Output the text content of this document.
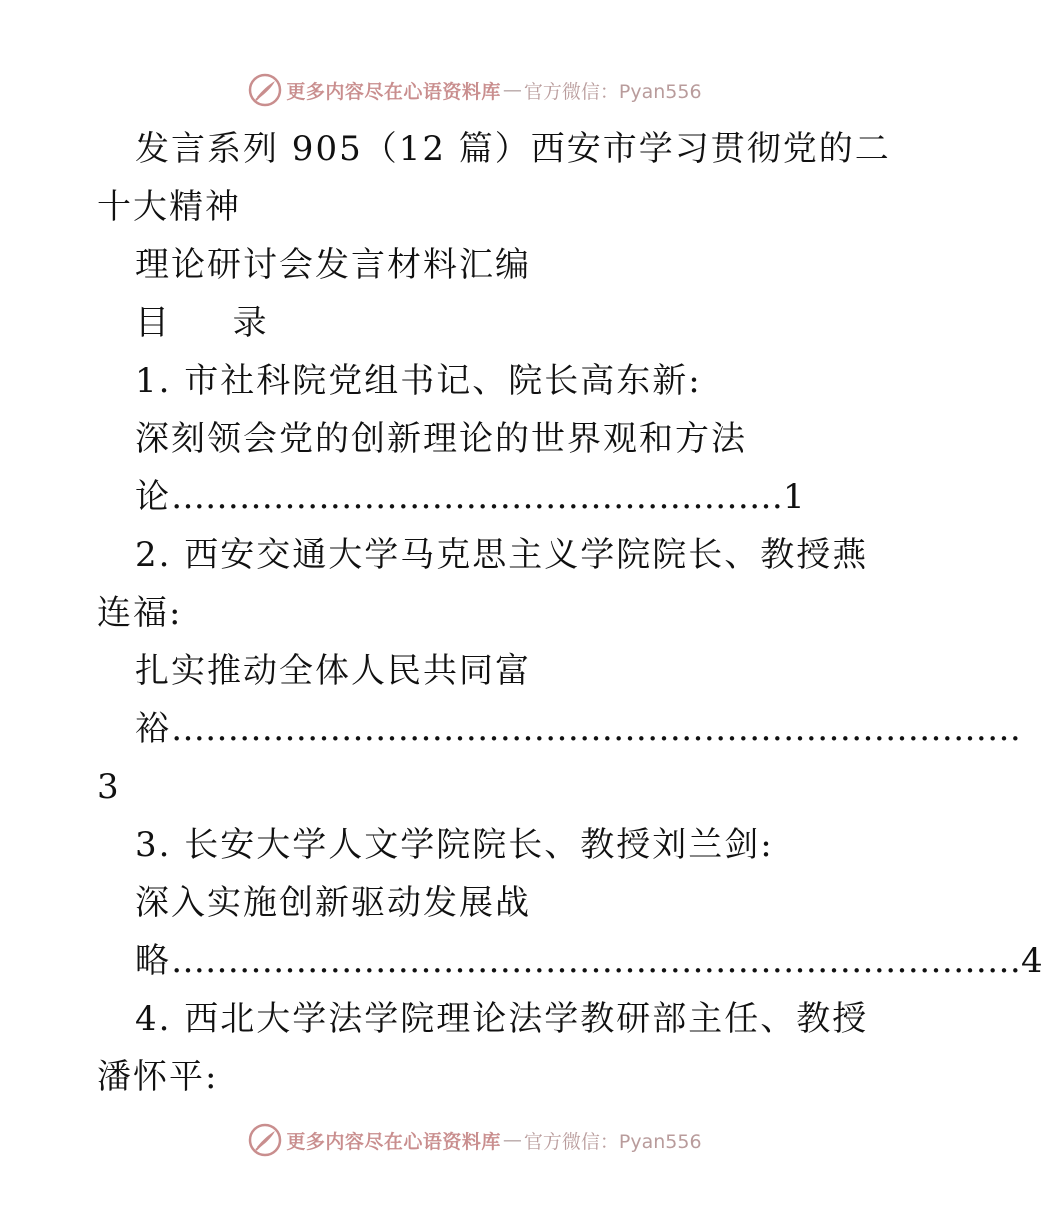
更多内容尽在心语资料库 — 官方微信：Pyan556
发言系列 905（12 篇）西安市学习贯彻党的二
十大精神
理论研讨会发言材料汇编
目  录
1. 市社科院党组书记、院长高东新:
深刻领会党的创新理论的世界观和方法
论 ……………………………………………… 1
2. 西安交通大学马克思主义学院院长、教授燕
连福:
扎实推动全体人民共同富
裕…………………………………………………………………
3
3. 长安大学人文学院院长、教授刘兰剑:
深入实施创新驱动发展战
略 ………………………………………………………………… 4
4. 西北大学法学院理论法学教研部主任、教授
潘怀平:
更多内容尽在心语资料库 — 官方微信：Pyan556
